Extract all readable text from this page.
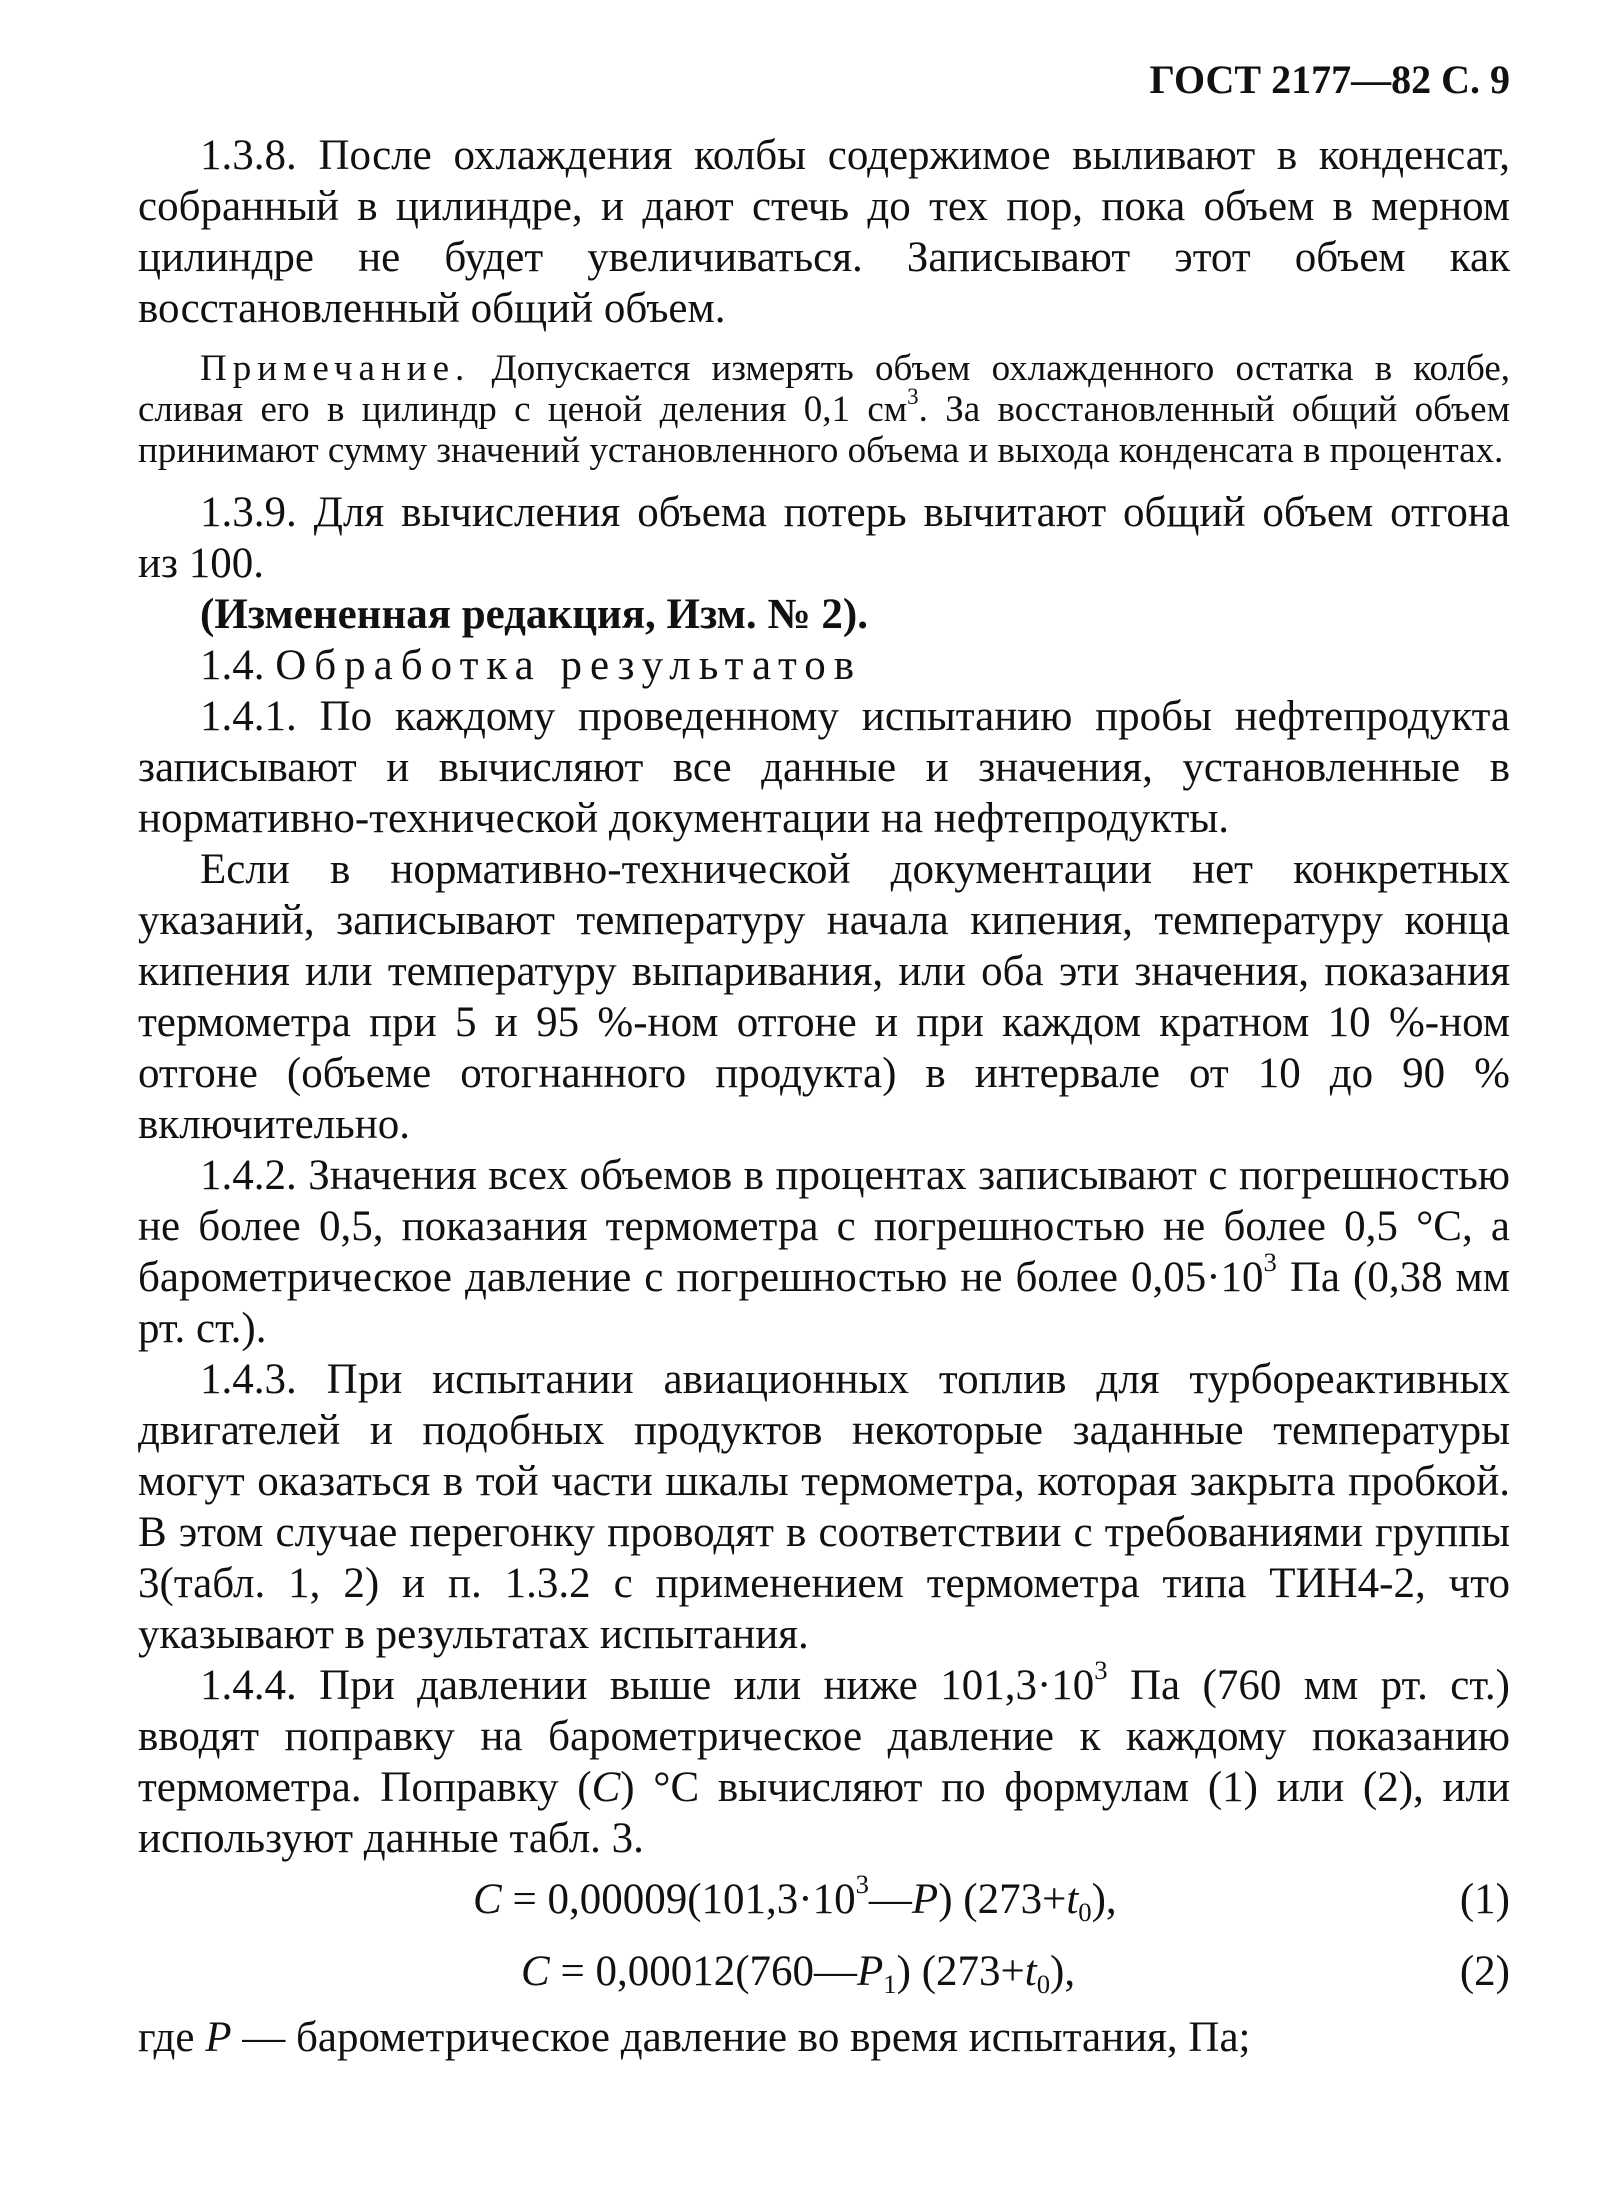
ГОСТ 2177—82 С. 9

1.3.8. После охлаждения колбы содержимое выливают в конденсат, собранный в цилиндре, и дают стечь до тех пор, пока объем в мерном цилиндре не будет увеличиваться. Записывают этот объем как восстановленный общий объем.

Примечание. Допускается измерять объем охлажденного остатка в колбе, сливая его в цилиндр с ценой деления 0,1 $см^3$. За восстановленный общий объем принимают сумму значений установленного объема и выхода конденсата в процентах.

1.3.9. Для вычисления объема потерь вычитают общий объем отгона из 100.

(Измененная редакция, Изм. № 2).

1.4. Обработка результатов

1.4.1. По каждому проведенному испытанию пробы нефтепродукта записывают и вычисляют все данные и значения, установленные в нормативно-технической документации на нефтепродукты.

Если в нормативно-технической документации нет конкретных указаний, записывают температуру начала кипения, температуру конца кипения или температуру выпаривания, или оба эти значения, показания термометра при 5 и 95 %-ном отгоне и при каждом кратном 10 %-ном отгоне (объеме отогнанного продукта) в интервале от 10 до 90 % включительно.

1.4.2. Значения всех объемов в процентах записывают с погрешностью не более 0,5, показания термометра с погрешностью не более 0,5 °С, а барометрическое давление с погрешностью не более $0,05\cdot 10^3$ Па (0,38 мм рт. ст.).

1.4.3. При испытании авиационных топлив для турбореактивных двигателей и подобных продуктов некоторые заданные температуры могут оказаться в той части шкалы термометра, которая закрыта пробкой. В этом случае перегонку проводят в соответствии с требованиями группы 3(табл. 1, 2) и п. 1.3.2 с применением термометра типа ТИН4-2, что указывают в результатах испытания.

1.4.4. При давлении выше или ниже $101,3\cdot 10^3$ Па (760 мм рт. ст.) вводят поправку на барометрическое давление к каждому показанию термометра. Поправку (С) °С вычисляют по формулам (1) или (2), или используют данные табл. 3.

$С = 0,00009(101,3\cdot 10^3—P)$ $(273+t_0)$,	(1)
$С = 0,00012(760—P_1)$ $(273+t_0)$,	(2)

где P — барометрическое давление во время испытания, Па;
